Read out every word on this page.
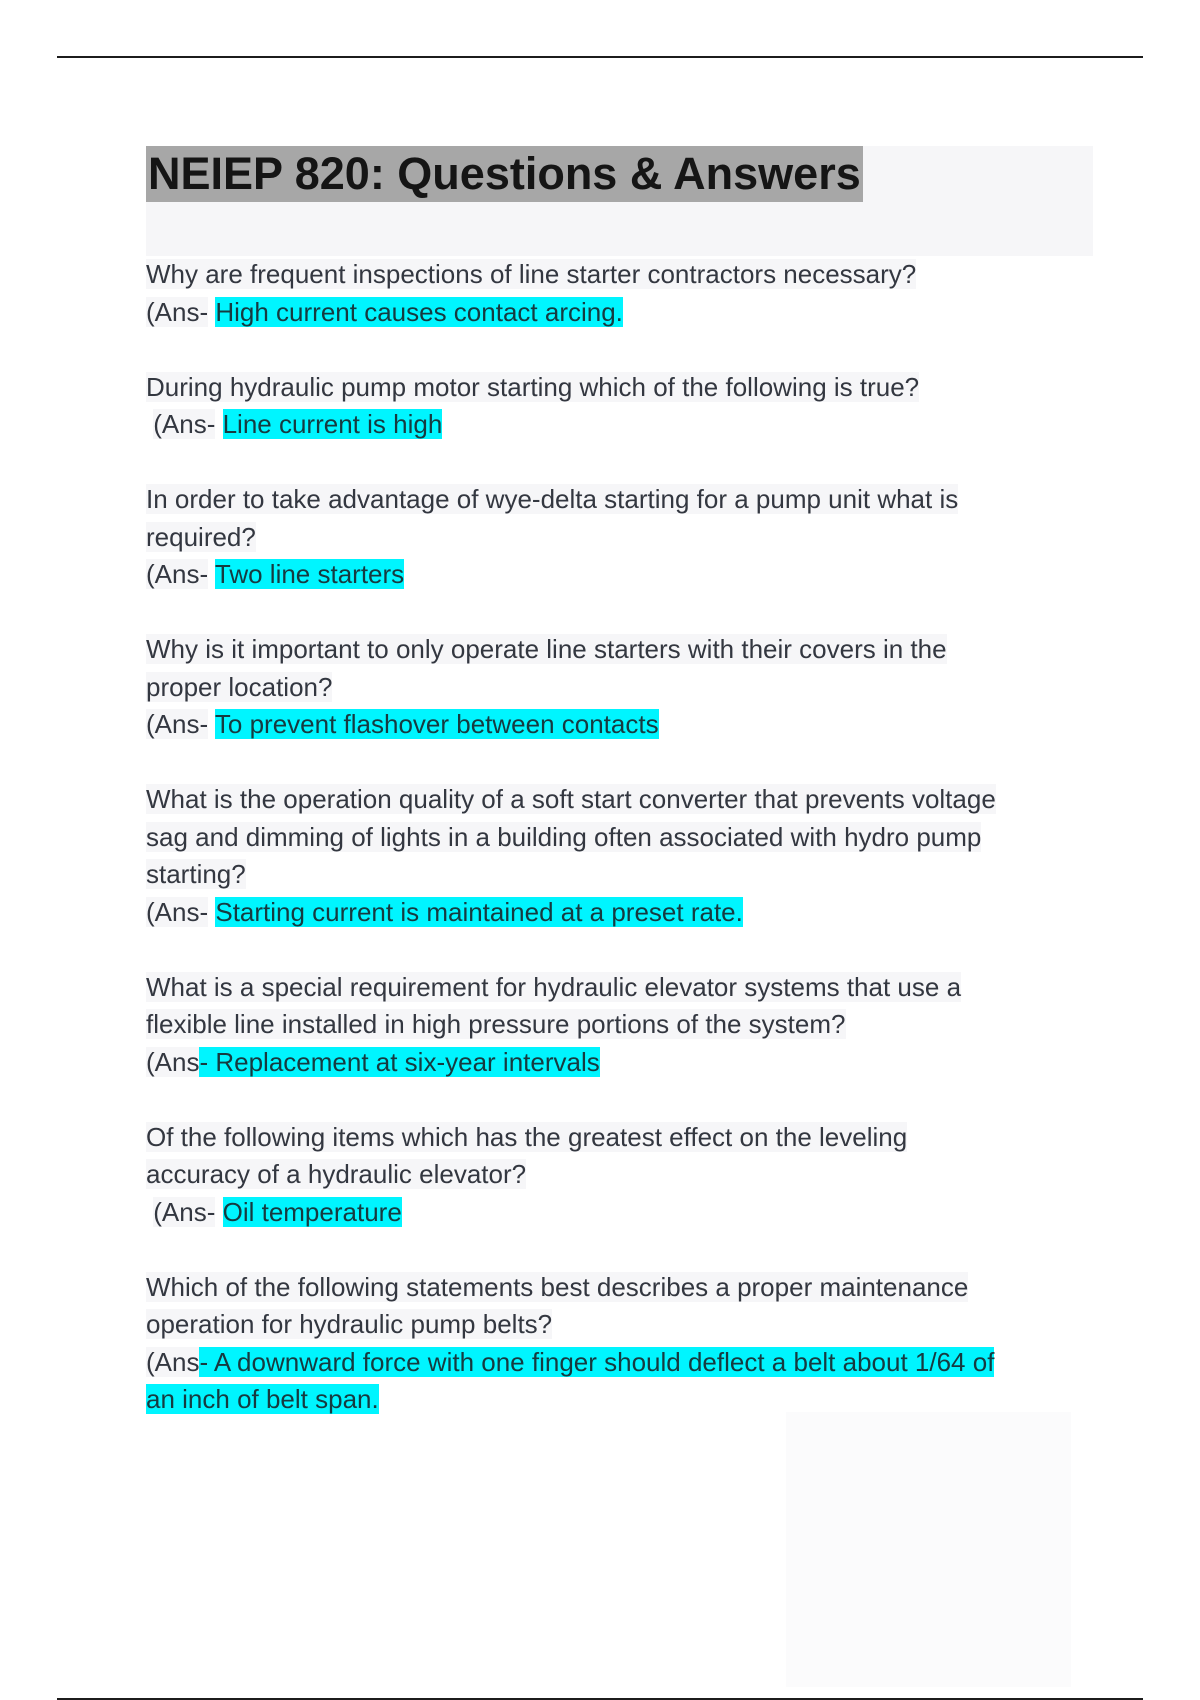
NEIEP 820: Questions & Answers
Why are frequent inspections of line starter contractors necessary?
(Ans- High current causes contact arcing.
During hydraulic pump motor starting which of the following is true?
(Ans- Line current is high
In order to take advantage of wye-delta starting for a pump unit what is
required?
(Ans- Two line starters
Why is it important to only operate line starters with their covers in the
proper location?
(Ans- To prevent flashover between contacts
What is the operation quality of a soft start converter that prevents voltage
sag and dimming of lights in a building often associated with hydro pump
starting?
(Ans- Starting current is maintained at a preset rate.
What is a special requirement for hydraulic elevator systems that use a
flexible line installed in high pressure portions of the system?
(Ans- Replacement at six-year intervals
Of the following items which has the greatest effect on the leveling
accuracy of a hydraulic elevator?
(Ans- Oil temperature
Which of the following statements best describes a proper maintenance
operation for hydraulic pump belts?
(Ans- A downward force with one finger should deflect a belt about 1/64 of
an inch of belt span.
